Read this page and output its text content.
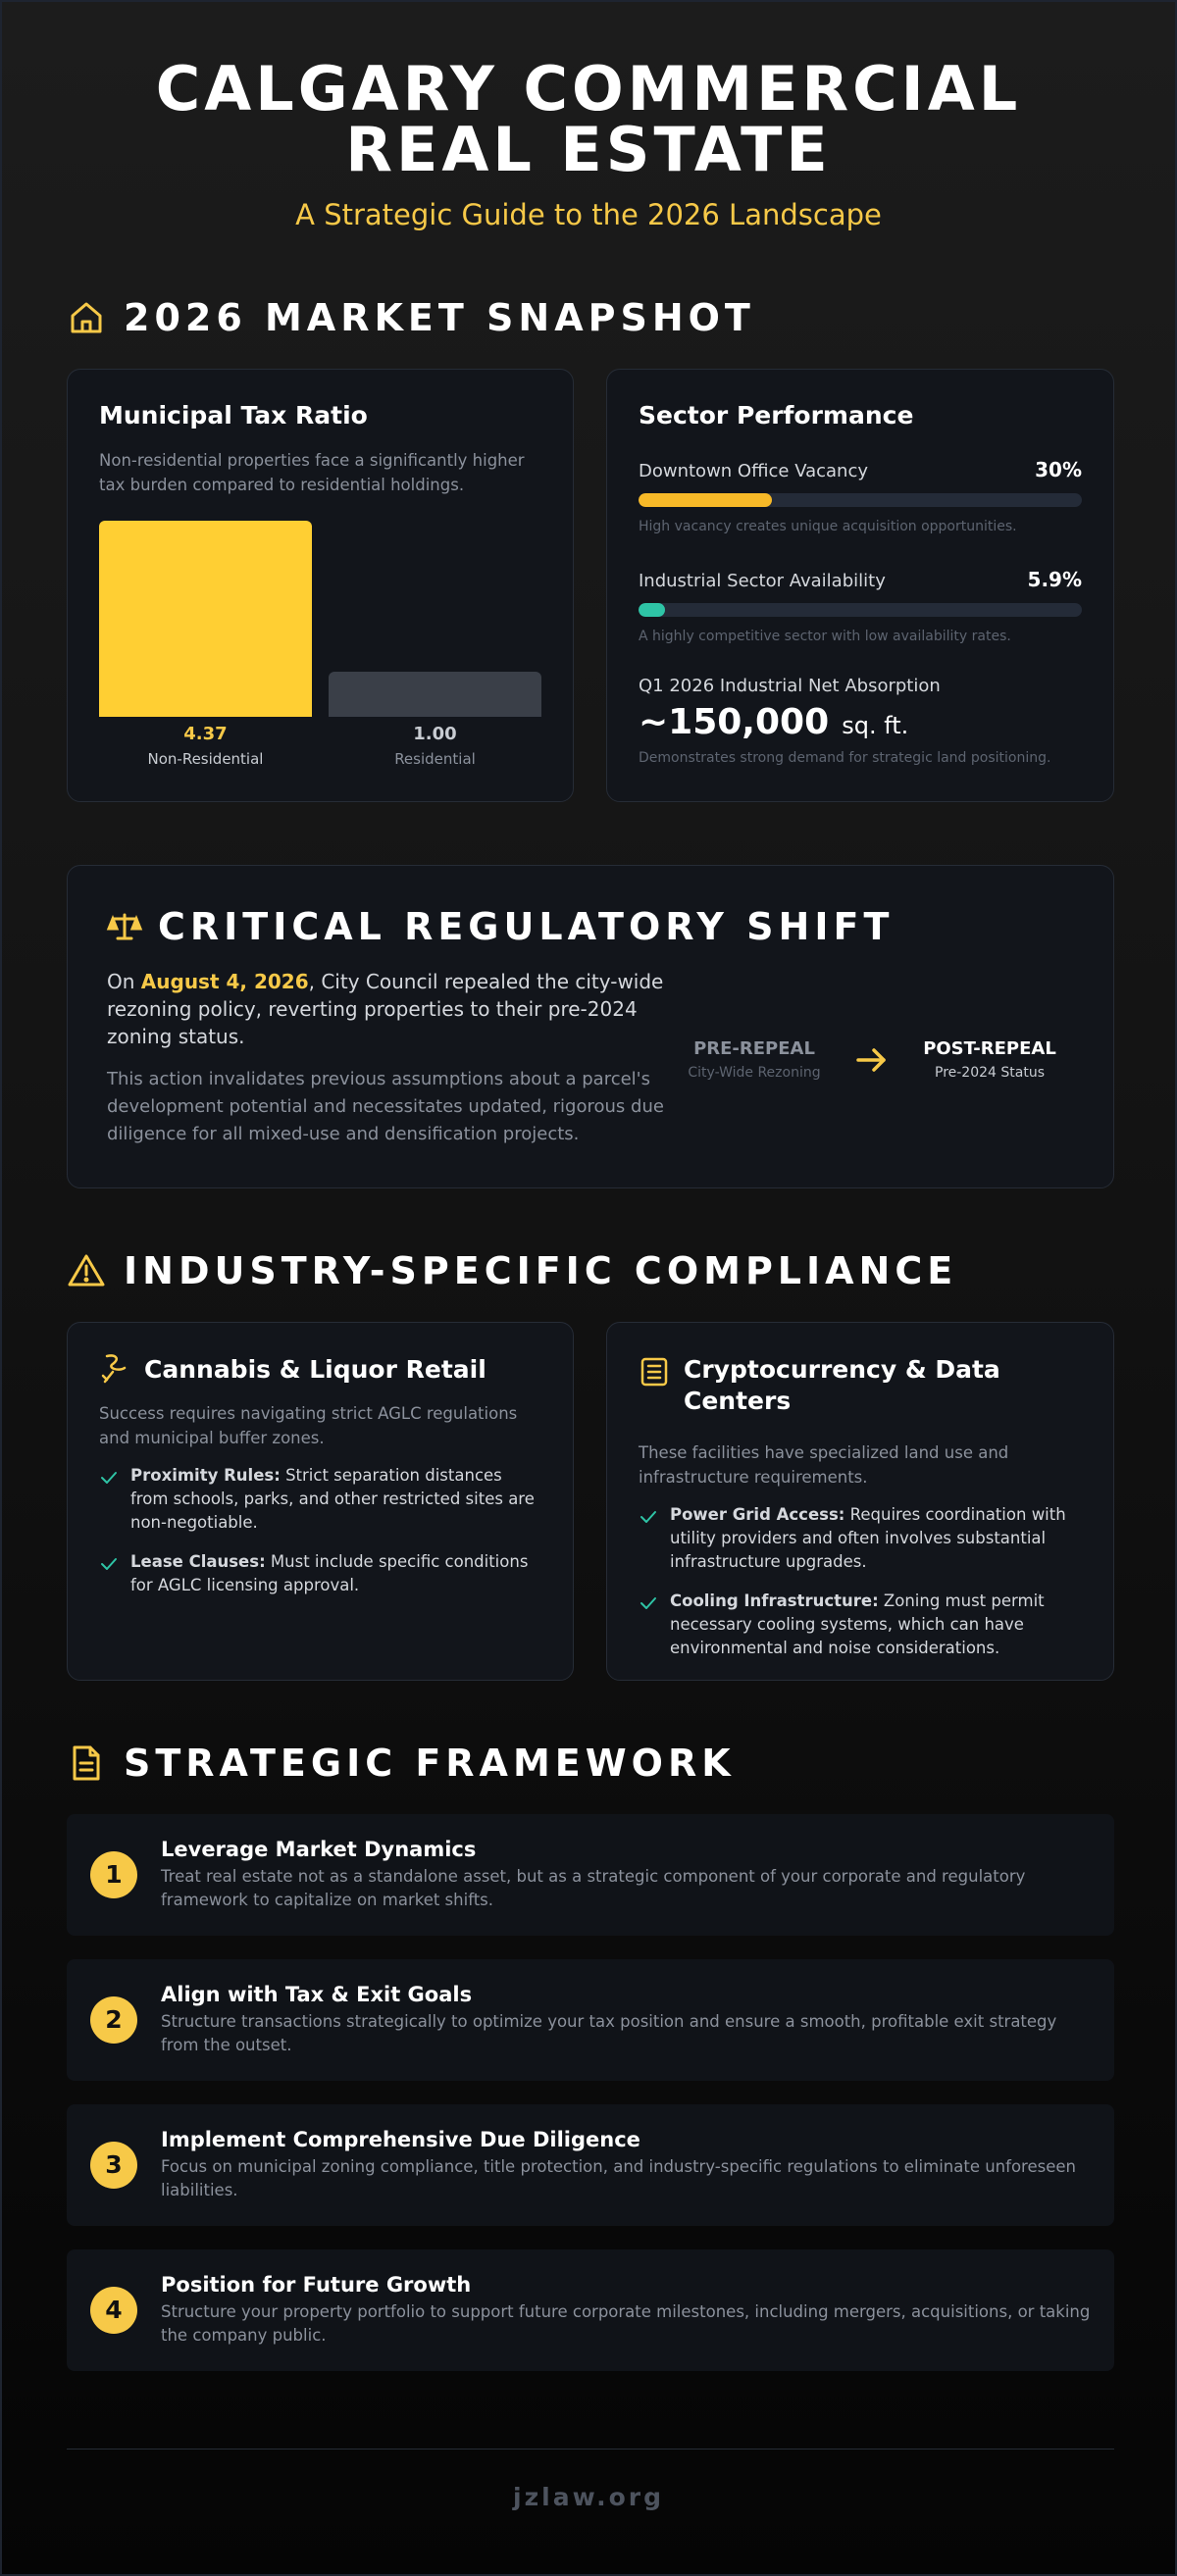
CALGARY COMMERCIAL REAL ESTATE
A Strategic Guide to the 2026 Landscape
2026 MARKET SNAPSHOT
Municipal Tax Ratio
Non-residential properties face a significantly higher tax burden compared to residential holdings.
4.37
Non-Residential
1.00
Residential
Sector Performance
Downtown Office Vacancy	30%
High vacancy creates unique acquisition opportunities.
Industrial Sector Availability	5.9%
A highly competitive sector with low availability rates.
Q1 2026 Industrial Net Absorption
~150,000 sq. ft.
Demonstrates strong demand for strategic land positioning.
CRITICAL REGULATORY SHIFT
On August 4, 2026, City Council repealed the city-wide rezoning policy, reverting properties to their pre-2024 zoning status.
This action invalidates previous assumptions about a parcel's development potential and necessitates updated, rigorous due diligence for all mixed-use and densification projects.
PRE-REPEAL
City-Wide Rezoning
POST-REPEAL
Pre-2024 Status
INDUSTRY-SPECIFIC COMPLIANCE
Cannabis & Liquor Retail
Success requires navigating strict AGLC regulations and municipal buffer zones.
Proximity Rules: Strict separation distances from schools, parks, and other restricted sites are non-negotiable.
Lease Clauses: Must include specific conditions for AGLC licensing approval.
Cryptocurrency & Data Centers
These facilities have specialized land use and infrastructure requirements.
Power Grid Access: Requires coordination with utility providers and often involves substantial infrastructure upgrades.
Cooling Infrastructure: Zoning must permit necessary cooling systems, which can have environmental and noise considerations.
STRATEGIC FRAMEWORK
1
Leverage Market Dynamics
Treat real estate not as a standalone asset, but as a strategic component of your corporate and regulatory framework to capitalize on market shifts.
2
Align with Tax & Exit Goals
Structure transactions strategically to optimize your tax position and ensure a smooth, profitable exit strategy from the outset.
3
Implement Comprehensive Due Diligence
Focus on municipal zoning compliance, title protection, and industry-specific regulations to eliminate unforeseen liabilities.
4
Position for Future Growth
Structure your property portfolio to support future corporate milestones, including mergers, acquisitions, or taking the company public.
jzlaw.org
